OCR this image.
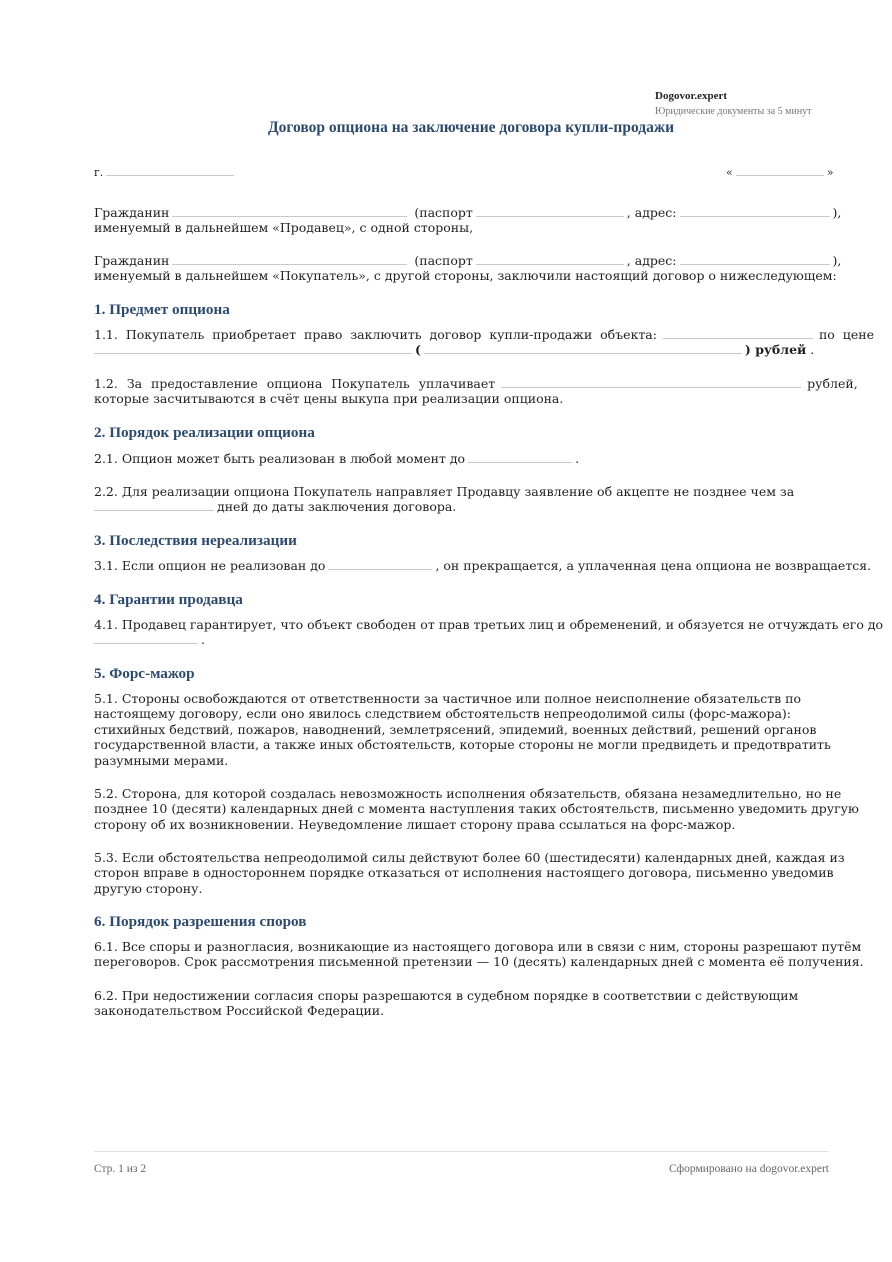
Dogovor.expert
Юридические документы за 5 минут
Договор опциона на заключение договора купли-продажи
г.	«	»
Гражданин	(паспорт	, адрес:	),
именуемый в дальнейшем «Продавец», с одной стороны,
Гражданин	(паспорт	, адрес:	),
именуемый в дальнейшем «Покупатель», с другой стороны, заключили настоящий договор о нижеследующем:
1. Предмет опциона
1.1. Покупатель приобретает право заключить договор купли-продажи объекта:	по цене
(	) рублей .
1.2. За предоставление опциона Покупатель уплачивает	рублей,
которые засчитываются в счёт цены выкупа при реализации опциона.
2. Порядок реализации опциона
2.1. Опцион может быть реализован в любой момент до	.
2.2. Для реализации опциона Покупатель направляет Продавцу заявление об акцепте не позднее чем за
дней до даты заключения договора.
3. Последствия нереализации
3.1. Если опцион не реализован до	, он прекращается, а уплаченная цена опциона не возвращается.
4. Гарантии продавца
4.1. Продавец гарантирует, что объект свободен от прав третьих лиц и обременений, и обязуется не отчуждать его до
.
5. Форс-мажор
5.1. Стороны освобождаются от ответственности за частичное или полное неисполнение обязательств по настоящему договору, если оно явилось следствием обстоятельств непреодолимой силы (форс-мажора): стихийных бедствий, пожаров, наводнений, землетрясений, эпидемий, военных действий, решений органов государственной власти, а также иных обстоятельств, которые стороны не могли предвидеть и предотвратить разумными мерами.
5.2. Сторона, для которой создалась невозможность исполнения обязательств, обязана незамедлительно, но не позднее 10 (десяти) календарных дней с момента наступления таких обстоятельств, письменно уведомить другую сторону об их возникновении. Неуведомление лишает сторону права ссылаться на форс-мажор.
5.3. Если обстоятельства непреодолимой силы действуют более 60 (шестидесяти) календарных дней, каждая из сторон вправе в одностороннем порядке отказаться от исполнения настоящего договора, письменно уведомив другую сторону.
6. Порядок разрешения споров
6.1. Все споры и разногласия, возникающие из настоящего договора или в связи с ним, стороны разрешают путём переговоров. Срок рассмотрения письменной претензии — 10 (десять) календарных дней с момента её получения.
6.2. При недостижении согласия споры разрешаются в судебном порядке в соответствии с действующим законодательством Российской Федерации.
Стр. 1 из 2	Сформировано на dogovor.expert
